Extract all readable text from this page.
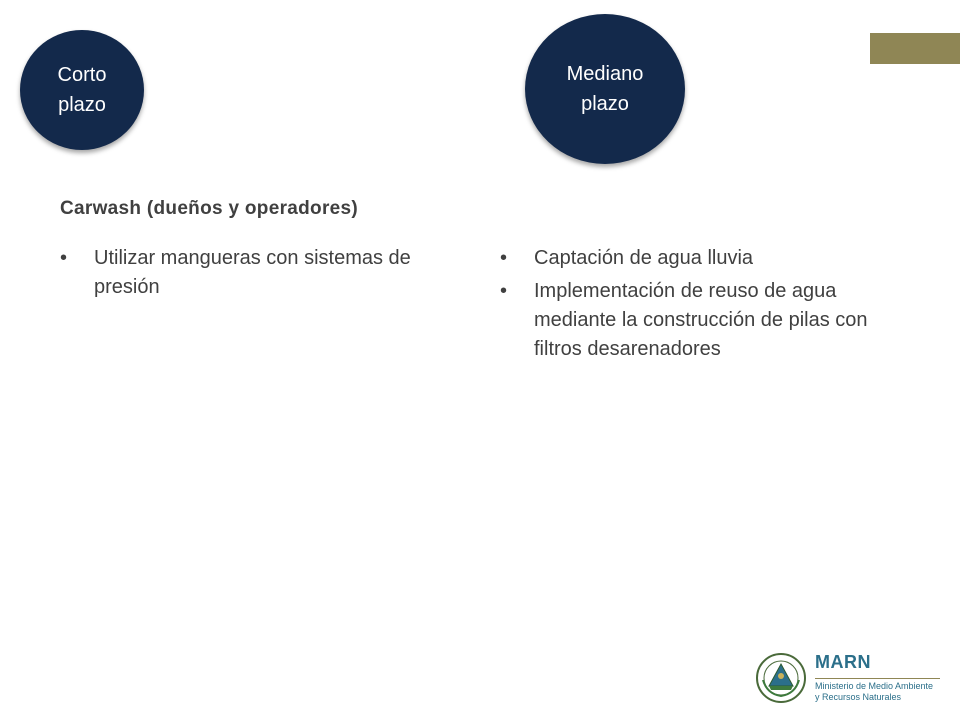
Corto
plazo
Mediano
plazo
Carwash (dueños y operadores)
•	Utilizar mangueras con sistemas de presión
•	Captación de agua lluvia
•	Implementación de reuso de agua mediante la construcción de pilas con filtros desarenadores
MARN
Ministerio de Medio Ambiente
y Recursos Naturales
